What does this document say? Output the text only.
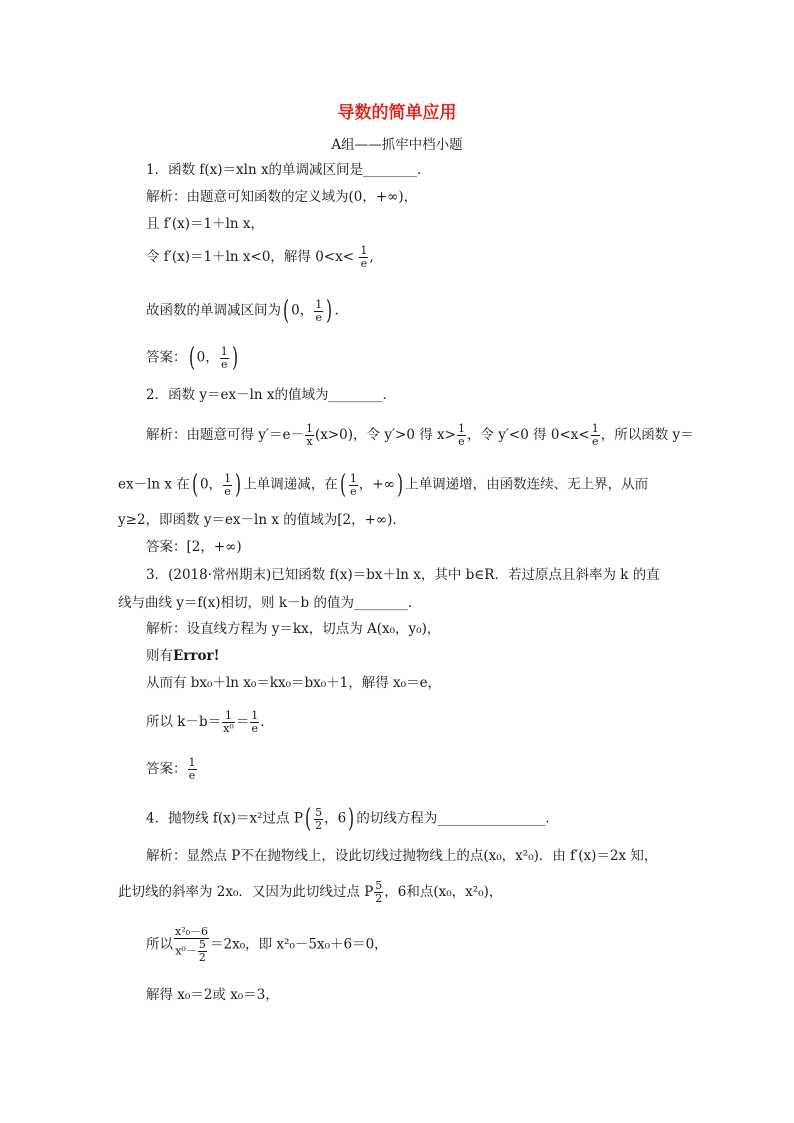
导数的简单应用
A组——抓牢中档小题
1．函数 f(x)＝xln x的单调减区间是________．
解析：由题意可知函数的定义域为(0，+∞)，
且 f′(x)＝1＋ln x，
令 f′(x)＝1＋ln x<0，解得 $0<x< \frac{1}{e}$ ,
故函数的单调减区间为( 0， $\frac{1}{e}$ ) .
答案：( 0， $\frac{1}{e}$ )
2．函数 y＝ex－ln x的值域为________．
解析：由题意可得 $y'=e- \frac{1}{x} (x>0)$，令 y′>0 得 $x> \frac{1}{e}$ ，令 y′<0 得 $0<x< \frac{1}{e}$ ，所以函数 y＝
ex－ln x 在( 0， $\frac{1}{e}$ ) 上单调递减，在( $\frac{1}{e}$ ，+∞) 上单调递增，由函数连续、无上界，从而
y≥2，即函数 y＝ex－ln x 的值域为[2，+∞)．
答案：[2，+∞)
3．(2018·常州期末)已知函数 f(x)＝bx＋ln x，其中 b∈R．若过原点且斜率为 k 的直
线与曲线 y＝f(x)相切，则 k－b 的值为________．
解析：设直线方程为 y＝kx，切点为 A(x₀，y₀)，
则有Error!
从而有 bx₀＋ln x₀＝kx₀＝bx₀＋1，解得 x₀＝e，
所以 $k-b= \frac{1}{\text{x⁰}} = \frac{1}{e}$ .
答案： $\frac{1}{e}$
4．抛物线 f(x)＝x²过点 $P( \frac{5}{2}$ ，6) 的切线方程为________________．
解析：显然点 P不在抛物线上，设此切线过抛物线上的点(x₀，x²₀)．由 f′(x)＝2x 知，
此切线的斜率为 2x₀．又因为此切线过点 P $\frac{5}{2}$ ，6和点(x₀，x²₀)，
所以 $\frac{\text{x²₀－6}}{x^0- \frac{5}{2}} =2x_0$，即 x²₀－5x₀＋6＝0，
解得 x₀＝2或 x₀＝3，
